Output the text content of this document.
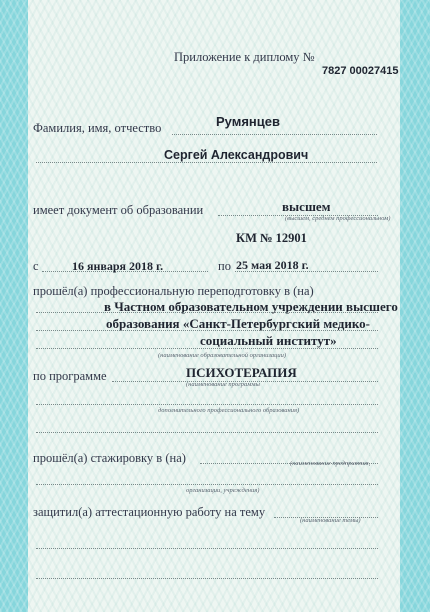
Приложение к диплому №
7827 00027415
Фамилия, имя, отчество	Румянцев
Сергей Александрович
имеет документ об образовании	высшем
(высшем, среднем профессиональном)
КМ № 12901
с	16 января 2018 г.	по 25 мая 2018 г.
прошёл(а) профессиональную переподготовку в (на)
в Частном образовательном учреждении высшего
образования «Санкт-Петербургский медико-
социальный институт»
(наименование образовательной организации)
по программе	ПСИХОТЕРАПИЯ
(наименование программы
дополнительного профессионального образования)
прошёл(а) стажировку в (на)	(наименование предприятия,
организации, учреждения)
защитил(а) аттестационную работу на тему
(наименование темы)
